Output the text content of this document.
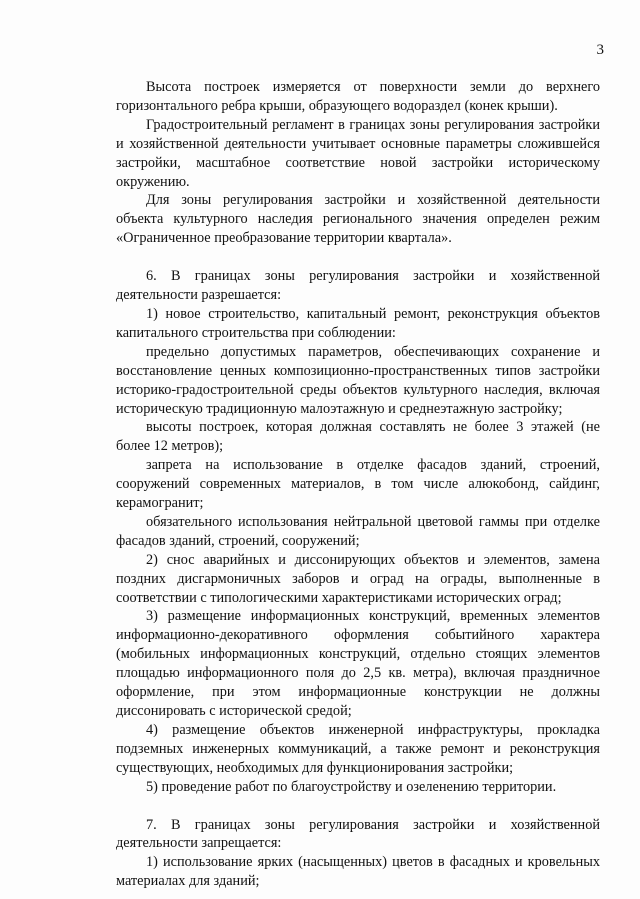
3

Высота построек измеряется от поверхности земли до верхнего горизонтального ребра крыши, образующего водораздел (конек крыши).

Градостроительный регламент в границах зоны регулирования застройки и хозяйственной деятельности учитывает основные параметры сложившейся застройки, масштабное соответствие новой застройки историческому окружению.

Для зоны регулирования застройки и хозяйственной деятельности объекта культурного наследия регионального значения определен режим «Ограниченное преобразование территории квартала».

6. В границах зоны регулирования застройки и хозяйственной деятельности разрешается:

1) новое строительство, капитальный ремонт, реконструкция объектов капитального строительства при соблюдении:

предельно допустимых параметров, обеспечивающих сохранение и восстановление ценных композиционно-пространственных типов застройки историко-градостроительной среды объектов культурного наследия, включая историческую традиционную малоэтажную и среднеэтажную застройку;

высоты построек, которая должная составлять не более 3 этажей (не более 12 метров);

запрета на использование в отделке фасадов зданий, строений, сооружений современных материалов, в том числе алюкобонд, сайдинг, керамогранит;

обязательного использования нейтральной цветовой гаммы при отделке фасадов зданий, строений, сооружений;

2) снос аварийных и диссонирующих объектов и элементов, замена поздних дисгармоничных заборов и оград на ограды, выполненные в соответствии с типологическими характеристиками исторических оград;

3) размещение информационных конструкций, временных элементов информационно-декоративного оформления событийного характера (мобильных информационных конструкций, отдельно стоящих элементов площадью информационного поля до 2,5 кв. метра), включая праздничное оформление, при этом информационные конструкции не должны диссонировать с исторической средой;

4) размещение объектов инженерной инфраструктуры, прокладка подземных инженерных коммуникаций, а также ремонт и реконструкция существующих, необходимых для функционирования застройки;

5) проведение работ по благоустройству и озеленению территории.

7. В границах зоны регулирования застройки и хозяйственной деятельности запрещается:

1) использование ярких (насыщенных) цветов в фасадных и кровельных материалах для зданий;
